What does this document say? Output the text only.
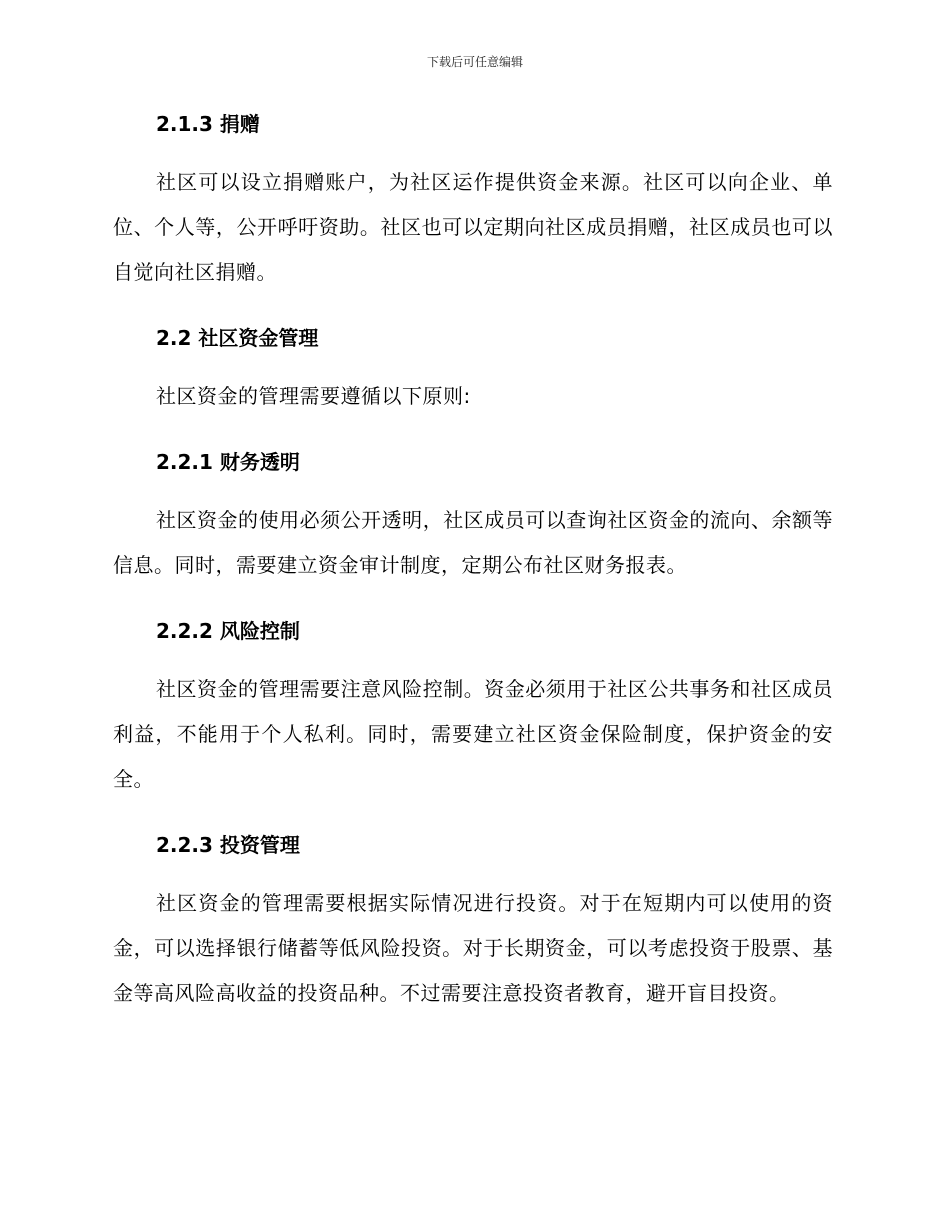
下载后可任意编辑
2.1.3 捐赠

社区可以设立捐赠账户，为社区运作提供资金来源。社区可以向企业、单位、个人等，公开呼吁资助。社区也可以定期向社区成员捐赠，社区成员也可以自觉向社区捐赠。

2.2 社区资金管理

社区资金的管理需要遵循以下原则:

2.2.1 财务透明

社区资金的使用必须公开透明，社区成员可以查询社区资金的流向、余额等信息。同时，需要建立资金审计制度，定期公布社区财务报表。

2.2.2 风险控制

社区资金的管理需要注意风险控制。资金必须用于社区公共事务和社区成员利益，不能用于个人私利。同时，需要建立社区资金保险制度，保护资金的安全。

2.2.3 投资管理

社区资金的管理需要根据实际情况进行投资。对于在短期内可以使用的资金，可以选择银行储蓄等低风险投资。对于长期资金，可以考虑投资于股票、基金等高风险高收益的投资品种。不过需要注意投资者教育，避开盲目投资。
